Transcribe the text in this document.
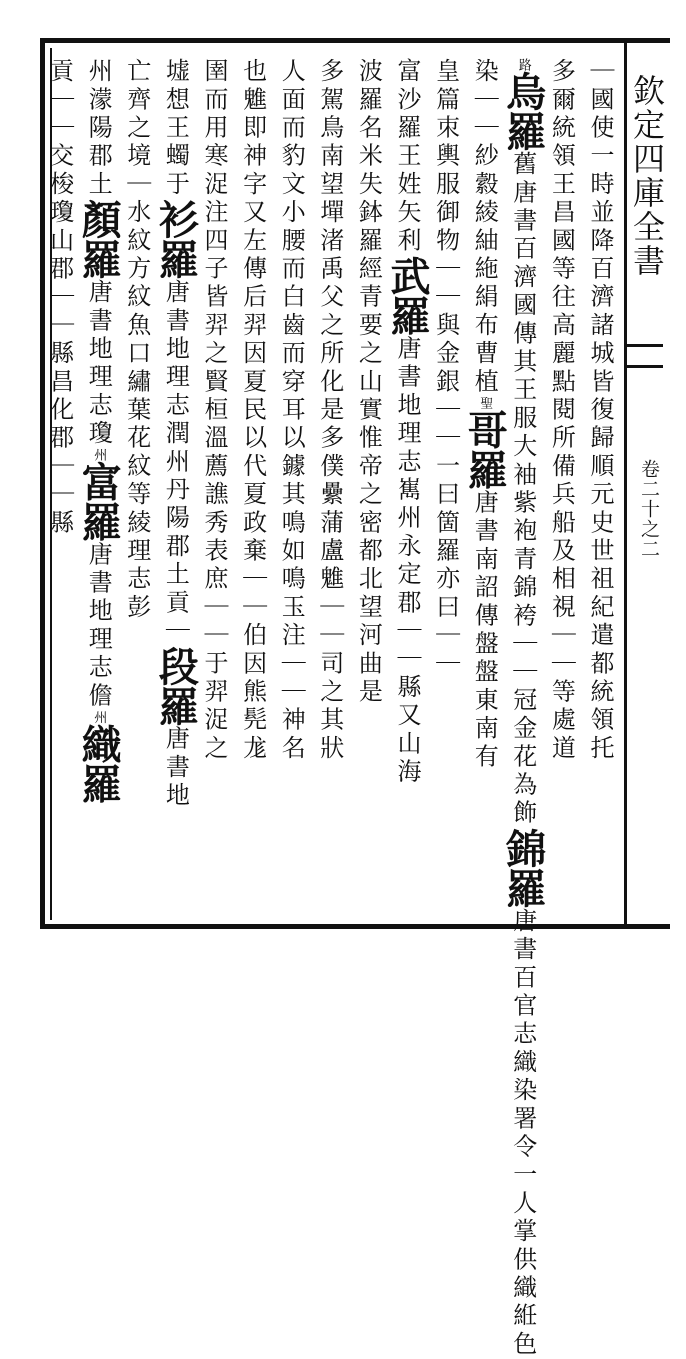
欽定四庫全書
卷二十之二
｜國使一時並降百濟諸城皆復歸順元史世祖紀遣都統領托
多爾統領王昌國等往高麗點閱所備兵船及相視｜｜等處道
路烏羅舊唐書百濟國傳其王服大袖紫袍青錦袴｜｜冠金花為飾錦羅唐書百官志織染署令一人掌供織絍色
染｜｜紗縠綾紬絁絹布曹植聖哥羅唐書南詔傳盤盤東南有
皇篇朿輿服御物｜｜與金銀｜｜一曰箇羅亦曰｜｜
富沙羅王姓矢利武羅唐書地理志嶲州永定郡｜｜縣又山海
波羅名米失鉢羅經青要之山實惟帝之密都北望河曲是
多駕鳥南望墠渚禹父之所化是多僕纍蒲盧魋｜｜司之其狀
人面而豹文小腰而白齒而穿耳以鐻其鳴如鳴玉注｜｜神名
也魋即神字又左傳后羿因夏民以代夏政棄｜｜伯因熊髡尨
圉而用寒浞注四子皆羿之賢桓溫薦譙秀表庶｜｜于羿浞之
墟想王蠋于衫羅唐書地理志潤州丹陽郡土貢｜段羅唐書地
亡齊之境｜水紋方紋魚口繡葉花紋等綾理志彭
州濛陽郡土顏羅唐書地理志瓊州富羅唐書地理志儋州織羅
貢｜｜交梭瓊山郡｜｜縣昌化郡｜｜縣
